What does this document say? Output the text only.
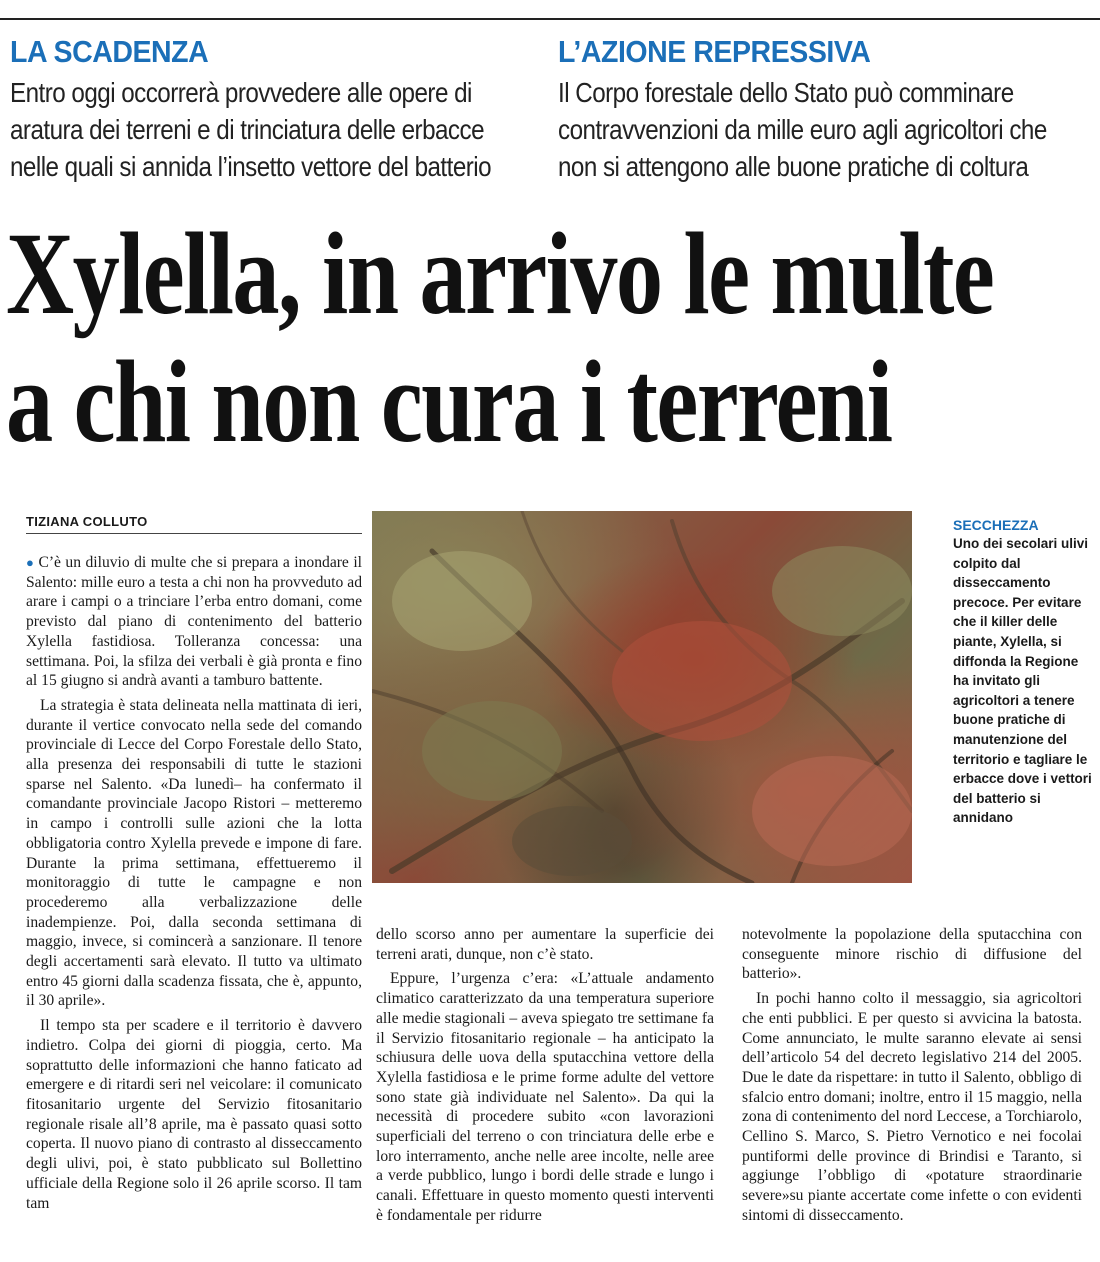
LA SCADENZA
Entro oggi occorrerà provvedere alle opere di aratura dei terreni e di trinciatura delle erbacce nelle quali si annida l’insetto vettore del batterio
L’AZIONE REPRESSIVA
Il Corpo forestale dello Stato può comminare contravvenzioni da mille euro agli agricoltori che non si attengono alle buone pratiche di coltura
Xylella, in arrivo le multe
a chi non cura i terreni
TIZIANA COLLUTO	SECCHEZZA
Uno dei secolari ulivi colpito dal disseccamento precoce. Per evitare che il killer delle piante, Xylella, si diffonda la Regione ha invitato gli agricoltori a tenere buone pratiche di manutenzione del territorio e tagliare le erbacce dove i vettori del batterio si annidano

● C’è un diluvio di multe che si prepara a inondare il Salento: mille euro a testa a chi non ha provveduto ad arare i campi o a trinciare l’erba entro domani, come previsto dal piano di contenimento del batterio Xylella fastidiosa. Tolleranza concessa: una settimana. Poi, la sfilza dei verbali è già pronta e fino al 15 giugno si andrà avanti a tamburo battente.

La strategia è stata delineata nella mattinata di ieri, durante il vertice convocato nella sede del comando provinciale di Lecce del Corpo Forestale dello Stato, alla presenza dei responsabili di tutte le stazioni sparse nel Salento. «Da lunedì– ha confermato il comandante provinciale Jacopo Ristori – metteremo in campo i controlli sulle azioni che la lotta obbligatoria contro Xylella prevede e impone di fare. Durante la prima settimana, effettueremo il monitoraggio di tutte le campagne e non procederemo alla verbalizzazione delle inadempienze. Poi, dalla seconda settimana di maggio, invece, si comincerà a sanzionare. Il tenore degli accertamenti sarà elevato. Il tutto va ultimato entro 45 giorni dalla scadenza fissata, che è, appunto, il 30 aprile».

Il tempo sta per scadere e il territorio è davvero indietro. Colpa dei giorni di pioggia, certo. Ma soprattutto delle informazioni che hanno faticato ad emergere e di ritardi seri nel veicolare: il comunicato fitosanitario urgente del Servizio fitosanitario regionale risale all’8 aprile, ma è passato quasi sotto coperta. Il nuovo piano di contrasto al disseccamento degli ulivi, poi, è stato pubblicato sul Bollettino ufficiale della Regione solo il 26 aprile scorso. Il tam tam

dello scorso anno per aumentare la superficie dei terreni arati, dunque, non c’è stato.

Eppure, l’urgenza c’era: «L’attuale andamento climatico caratterizzato da una temperatura superiore alle medie stagionali – aveva spiegato tre settimane fa il Servizio fitosanitario regionale – ha anticipato la schiusura delle uova della sputacchina vettore della Xylella fastidiosa e le prime forme adulte del vettore sono state già individuate nel Salento». Da qui la necessità di procedere subito «con lavorazioni superficiali del terreno o con trinciatura delle erbe e loro interramento, anche nelle aree incolte, nelle aree a verde pubblico, lungo i bordi delle strade e lungo i canali. Effettuare in questo momento questi interventi è fondamentale per ridurre

notevolmente la popolazione della sputacchina con conseguente minore rischio di diffusione del batterio».

In pochi hanno colto il messaggio, sia agricoltori che enti pubblici. E per questo si avvicina la batosta. Come annunciato, le multe saranno elevate ai sensi dell’articolo 54 del decreto legislativo 214 del 2005. Due le date da rispettare: in tutto il Salento, obbligo di sfalcio entro domani; inoltre, entro il 15 maggio, nella zona di contenimento del nord Leccese, a Torchiarolo, Cellino S. Marco, S. Pietro Vernotico e nei focolai puntiformi delle province di Brindisi e Taranto, si aggiunge l’obbligo di «potature straordinarie severe»su piante accertate come infette o con evidenti sintomi di disseccamento.
